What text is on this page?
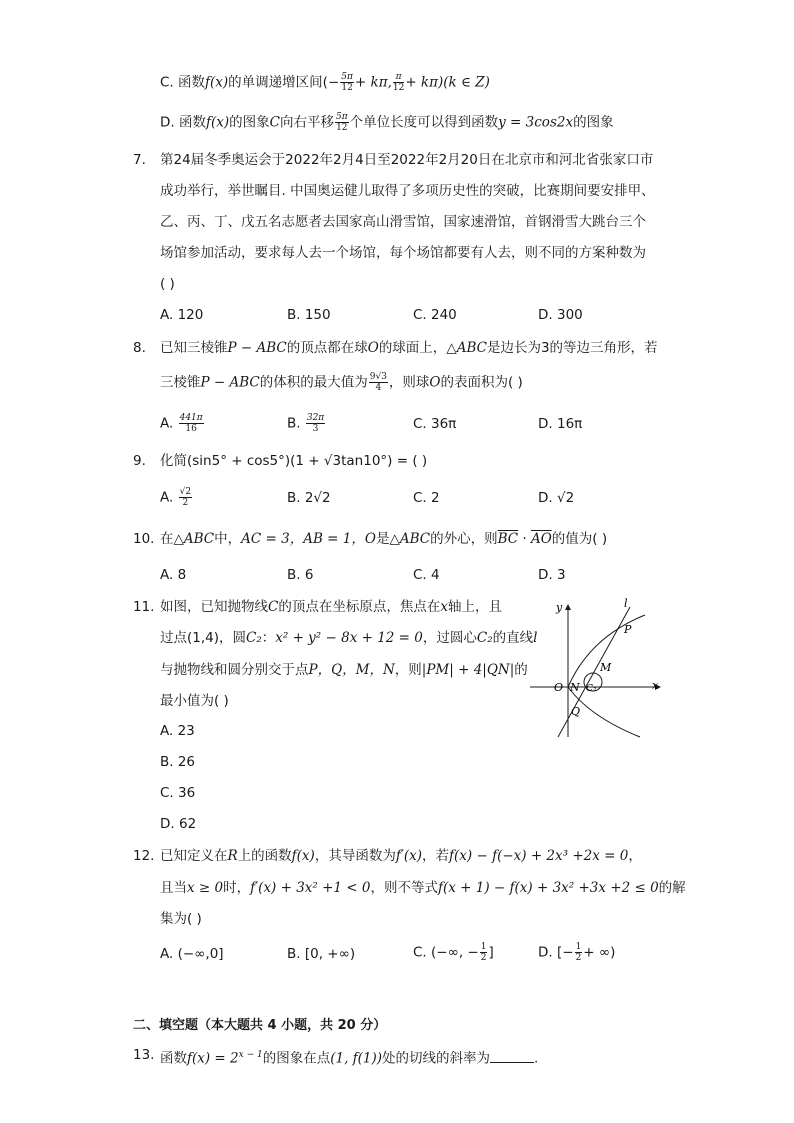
C. 函数f(x)的单调递增区间(− $\frac{5\pi}{12} + k\pi$, $\frac{\pi}{12} + k\pi)(k$ ∈ Z)
D. 函数f(x)的图象C向右平移 $\frac{5\pi}{12}$ 个单位长度可以得到函数y = 3cos2x的图象
7. 第24届冬季奥运会于2022年2月4日至2022年2月20日在北京市和河北省张家口市
成功举行，举世瞩目. 中国奥运健儿取得了多项历史性的突破，比赛期间要安排甲、
乙、丙、丁、戊五名志愿者去国家高山滑雪馆，国家速滑馆，首钢滑雪大跳台三个
场馆参加活动，要求每人去一个场馆，每个场馆都要有人去，则不同的方案种数为
( )
A. 120	B. 150	C. 240	D. 300
8. 已知三棱锥P − ABC的顶点都在球O的球面上，△ABC是边长为3的等边三角形，若
三棱锥P − ABC的体积的最大值为 $\frac{9√3}{4}$ ，则球O的表面积为( )
A. $\frac{441\pi}{16}$	B. $\frac{32\pi}{3}$	C. 36π	D. 16π
9. 化简(sin5° + cos5°)(1 + √3tan10°) = ( )
A. $\frac{√2}{2}$	B. 2√2	C. 2	D. √2
10. 在△ABC中，AC = 3，AB = 1，O是△ABC的外心，则$\overline{BC} \cdot \overline{AO}$的值为( )
A. 8	B. 6	C. 4	D. 3
11. 如图，已知抛物线C的顶点在坐标原点，焦点在x轴上，且
过点(1,4)，圆C₂：x² + y² − 8x + 12 = 0，过圆心C₂的直线l
与抛物线和圆分别交于点P，Q，M，N，则|PM| + 4|QN|的
最小值为( )
A. 23
B. 26
C. 36
D. 62
y	l
P
M
O N C₂	x
Q
12. 已知定义在R上的函数f(x)，其导函数为f′(x)，若f(x) − f(−x) + 2x³ +2x = 0，
且当x ≥ 0时，f′(x) + 3x² +1 < 0，则不等式f(x + 1) − f(x) + 3x² +3x +2 ≤ 0的解
集为( )
A. (−∞,0]	B. [0, +∞)	C. (−∞, − $\frac{1}{2}$ ]	D. [− $\frac{1}{2}$ + ∞)
二、填空题（本大题共 4 小题，共 20 分）
13. 函数$f(x) = 2^{x - 1}$的图象在点(1, f(1))处的切线的斜率为	.
